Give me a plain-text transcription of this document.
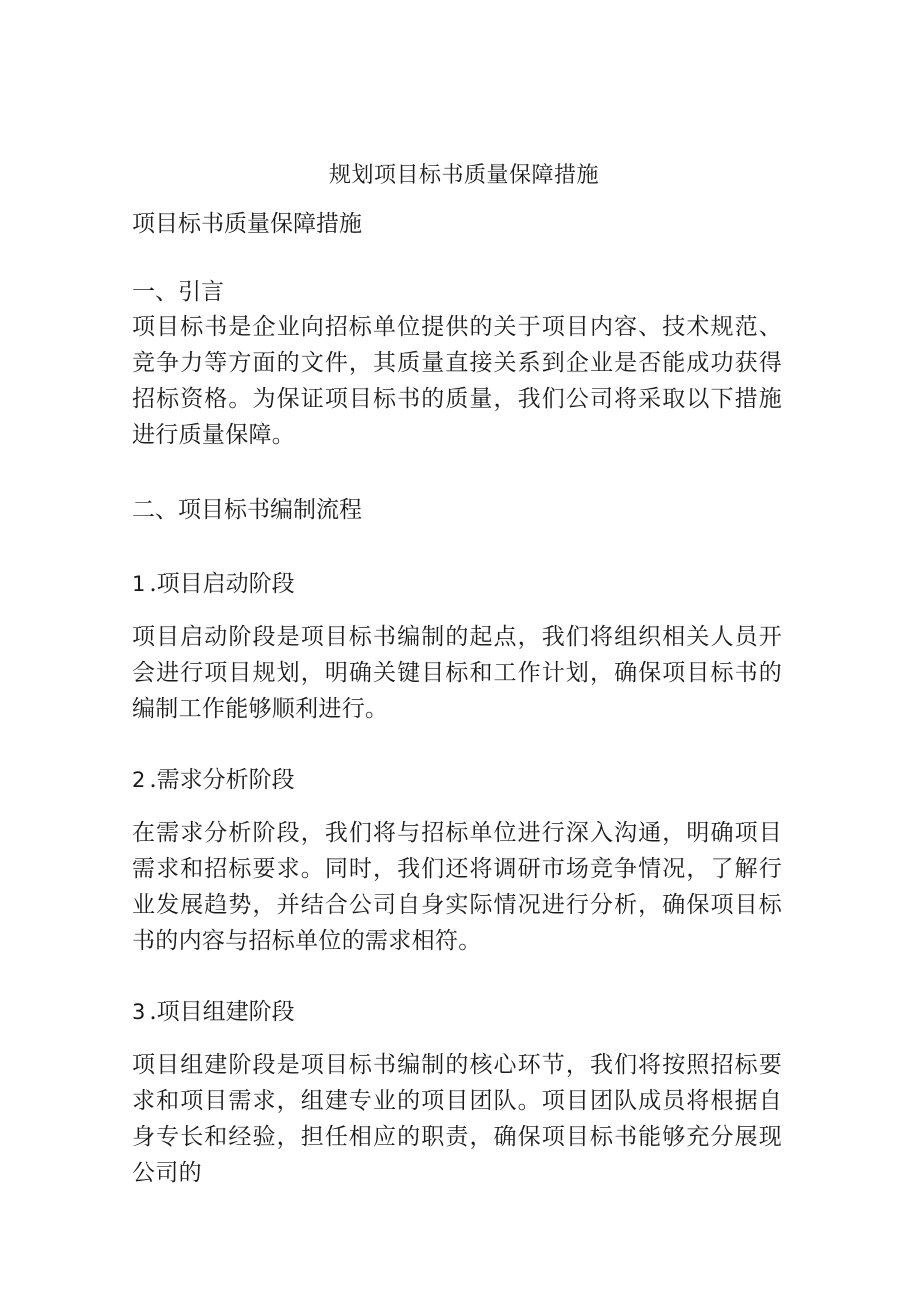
规划项目标书质量保障措施

项目标书质量保障措施

一、引言

项目标书是企业向招标单位提供的关于项目内容、技术规范、竞争力等方面的文件，其质量直接关系到企业是否能成功获得招标资格。为保证项目标书的质量，我们公司将采取以下措施进行质量保障。

二、项目标书编制流程

1 .项目启动阶段

项目启动阶段是项目标书编制的起点，我们将组织相关人员开会进行项目规划，明确关键目标和工作计划，确保项目标书的编制工作能够顺利进行。

2 .需求分析阶段

在需求分析阶段，我们将与招标单位进行深入沟通，明确项目需求和招标要求。同时，我们还将调研市场竞争情况，了解行业发展趋势，并结合公司自身实际情况进行分析，确保项目标书的内容与招标单位的需求相符。

3 .项目组建阶段

项目组建阶段是项目标书编制的核心环节，我们将按照招标要求和项目需求，组建专业的项目团队。项目团队成员将根据自身专长和经验，担任相应的职责，确保项目标书能够充分展现公司的
